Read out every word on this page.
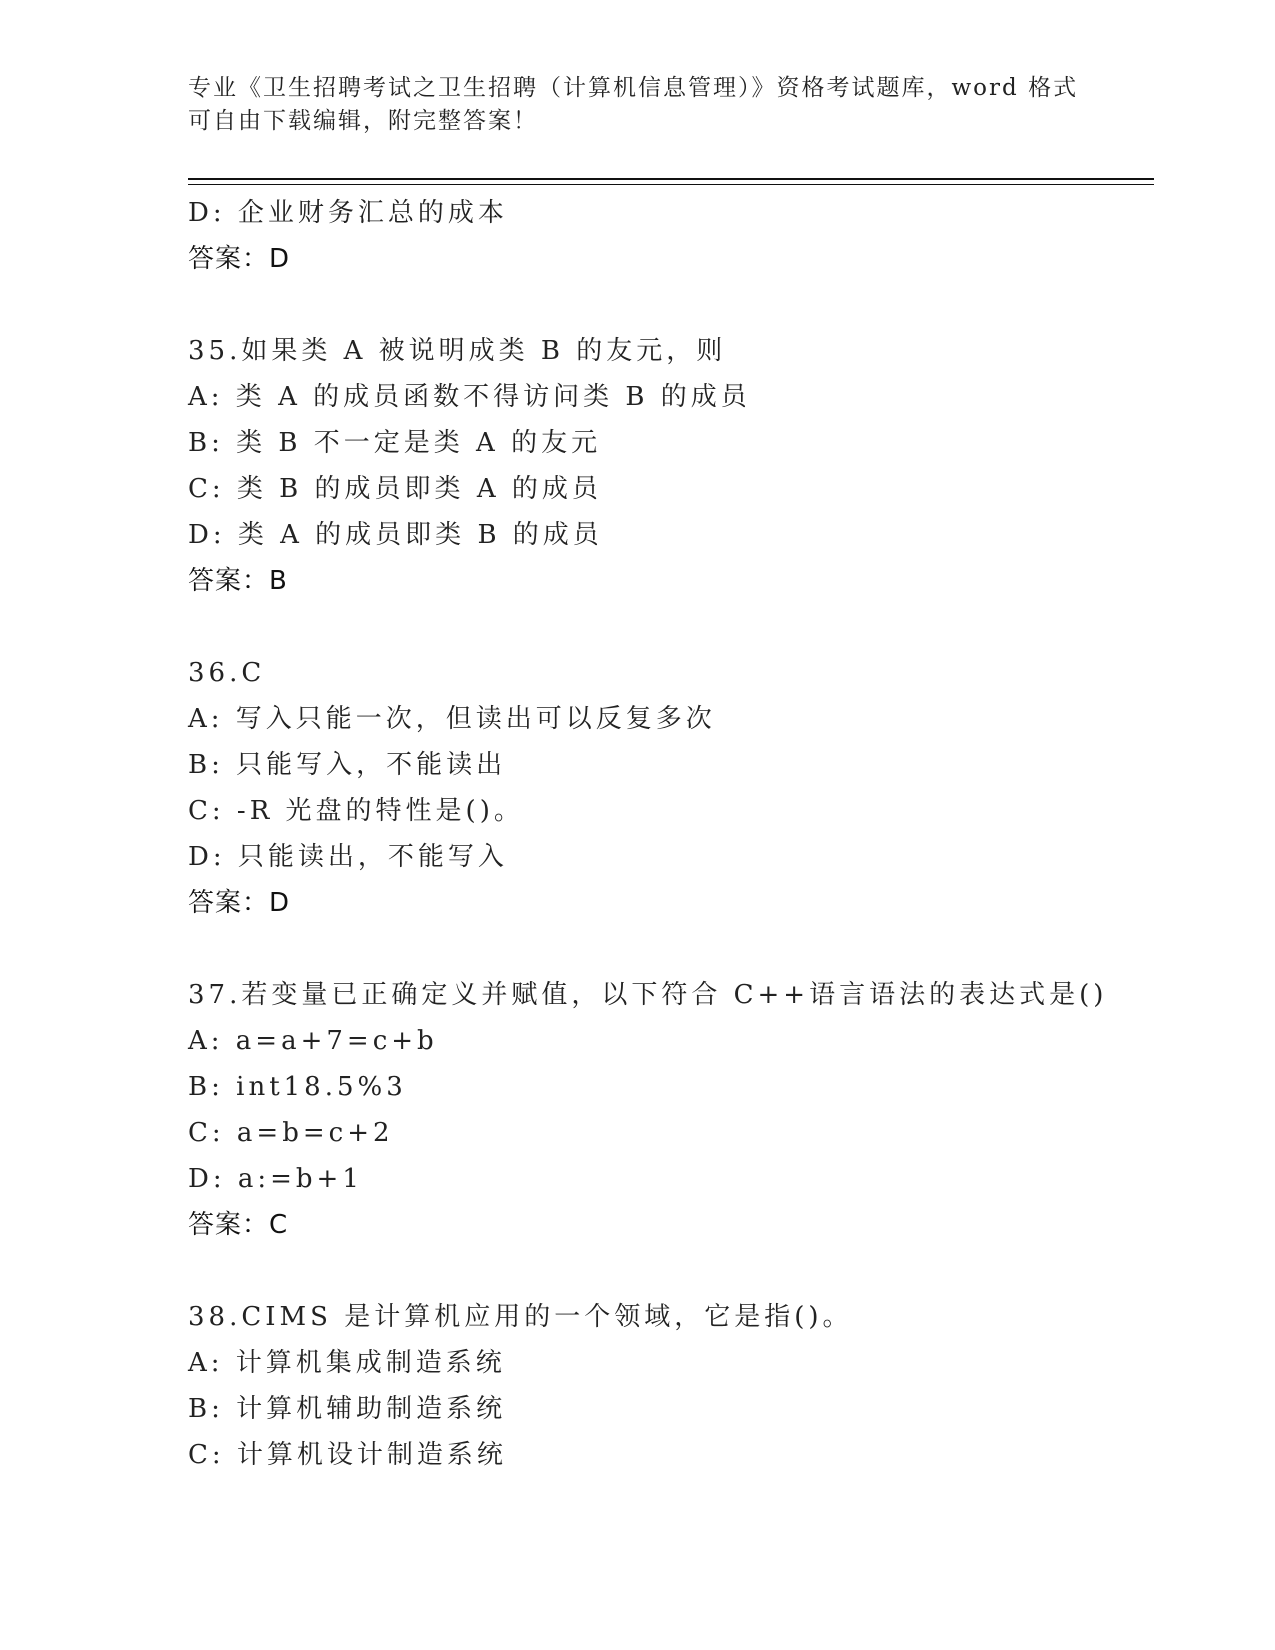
专业《卫生招聘考试之卫生招聘（计算机信息管理）》资格考试题库，word 格式
可自由下载编辑，附完整答案！
D: 企业财务汇总的成本
答案：D
35.如果类 A 被说明成类 B 的友元，则
A: 类 A 的成员函数不得访问类 B 的成员
B: 类 B 不一定是类 A 的友元
C: 类 B 的成员即类 A 的成员
D: 类 A 的成员即类 B 的成员
答案：B
36.C
A: 写入只能一次，但读出可以反复多次
B: 只能写入，不能读出
C: -R 光盘的特性是()。
D: 只能读出，不能写入
答案：D
37.若变量已正确定义并赋值，以下符合 C++语言语法的表达式是()
A: a=a+7=c+b
B: int18.5%3
C: a=b=c+2
D: a:=b+1
答案：C
38.CIMS 是计算机应用的一个领域，它是指()。
A: 计算机集成制造系统
B: 计算机辅助制造系统
C: 计算机设计制造系统
